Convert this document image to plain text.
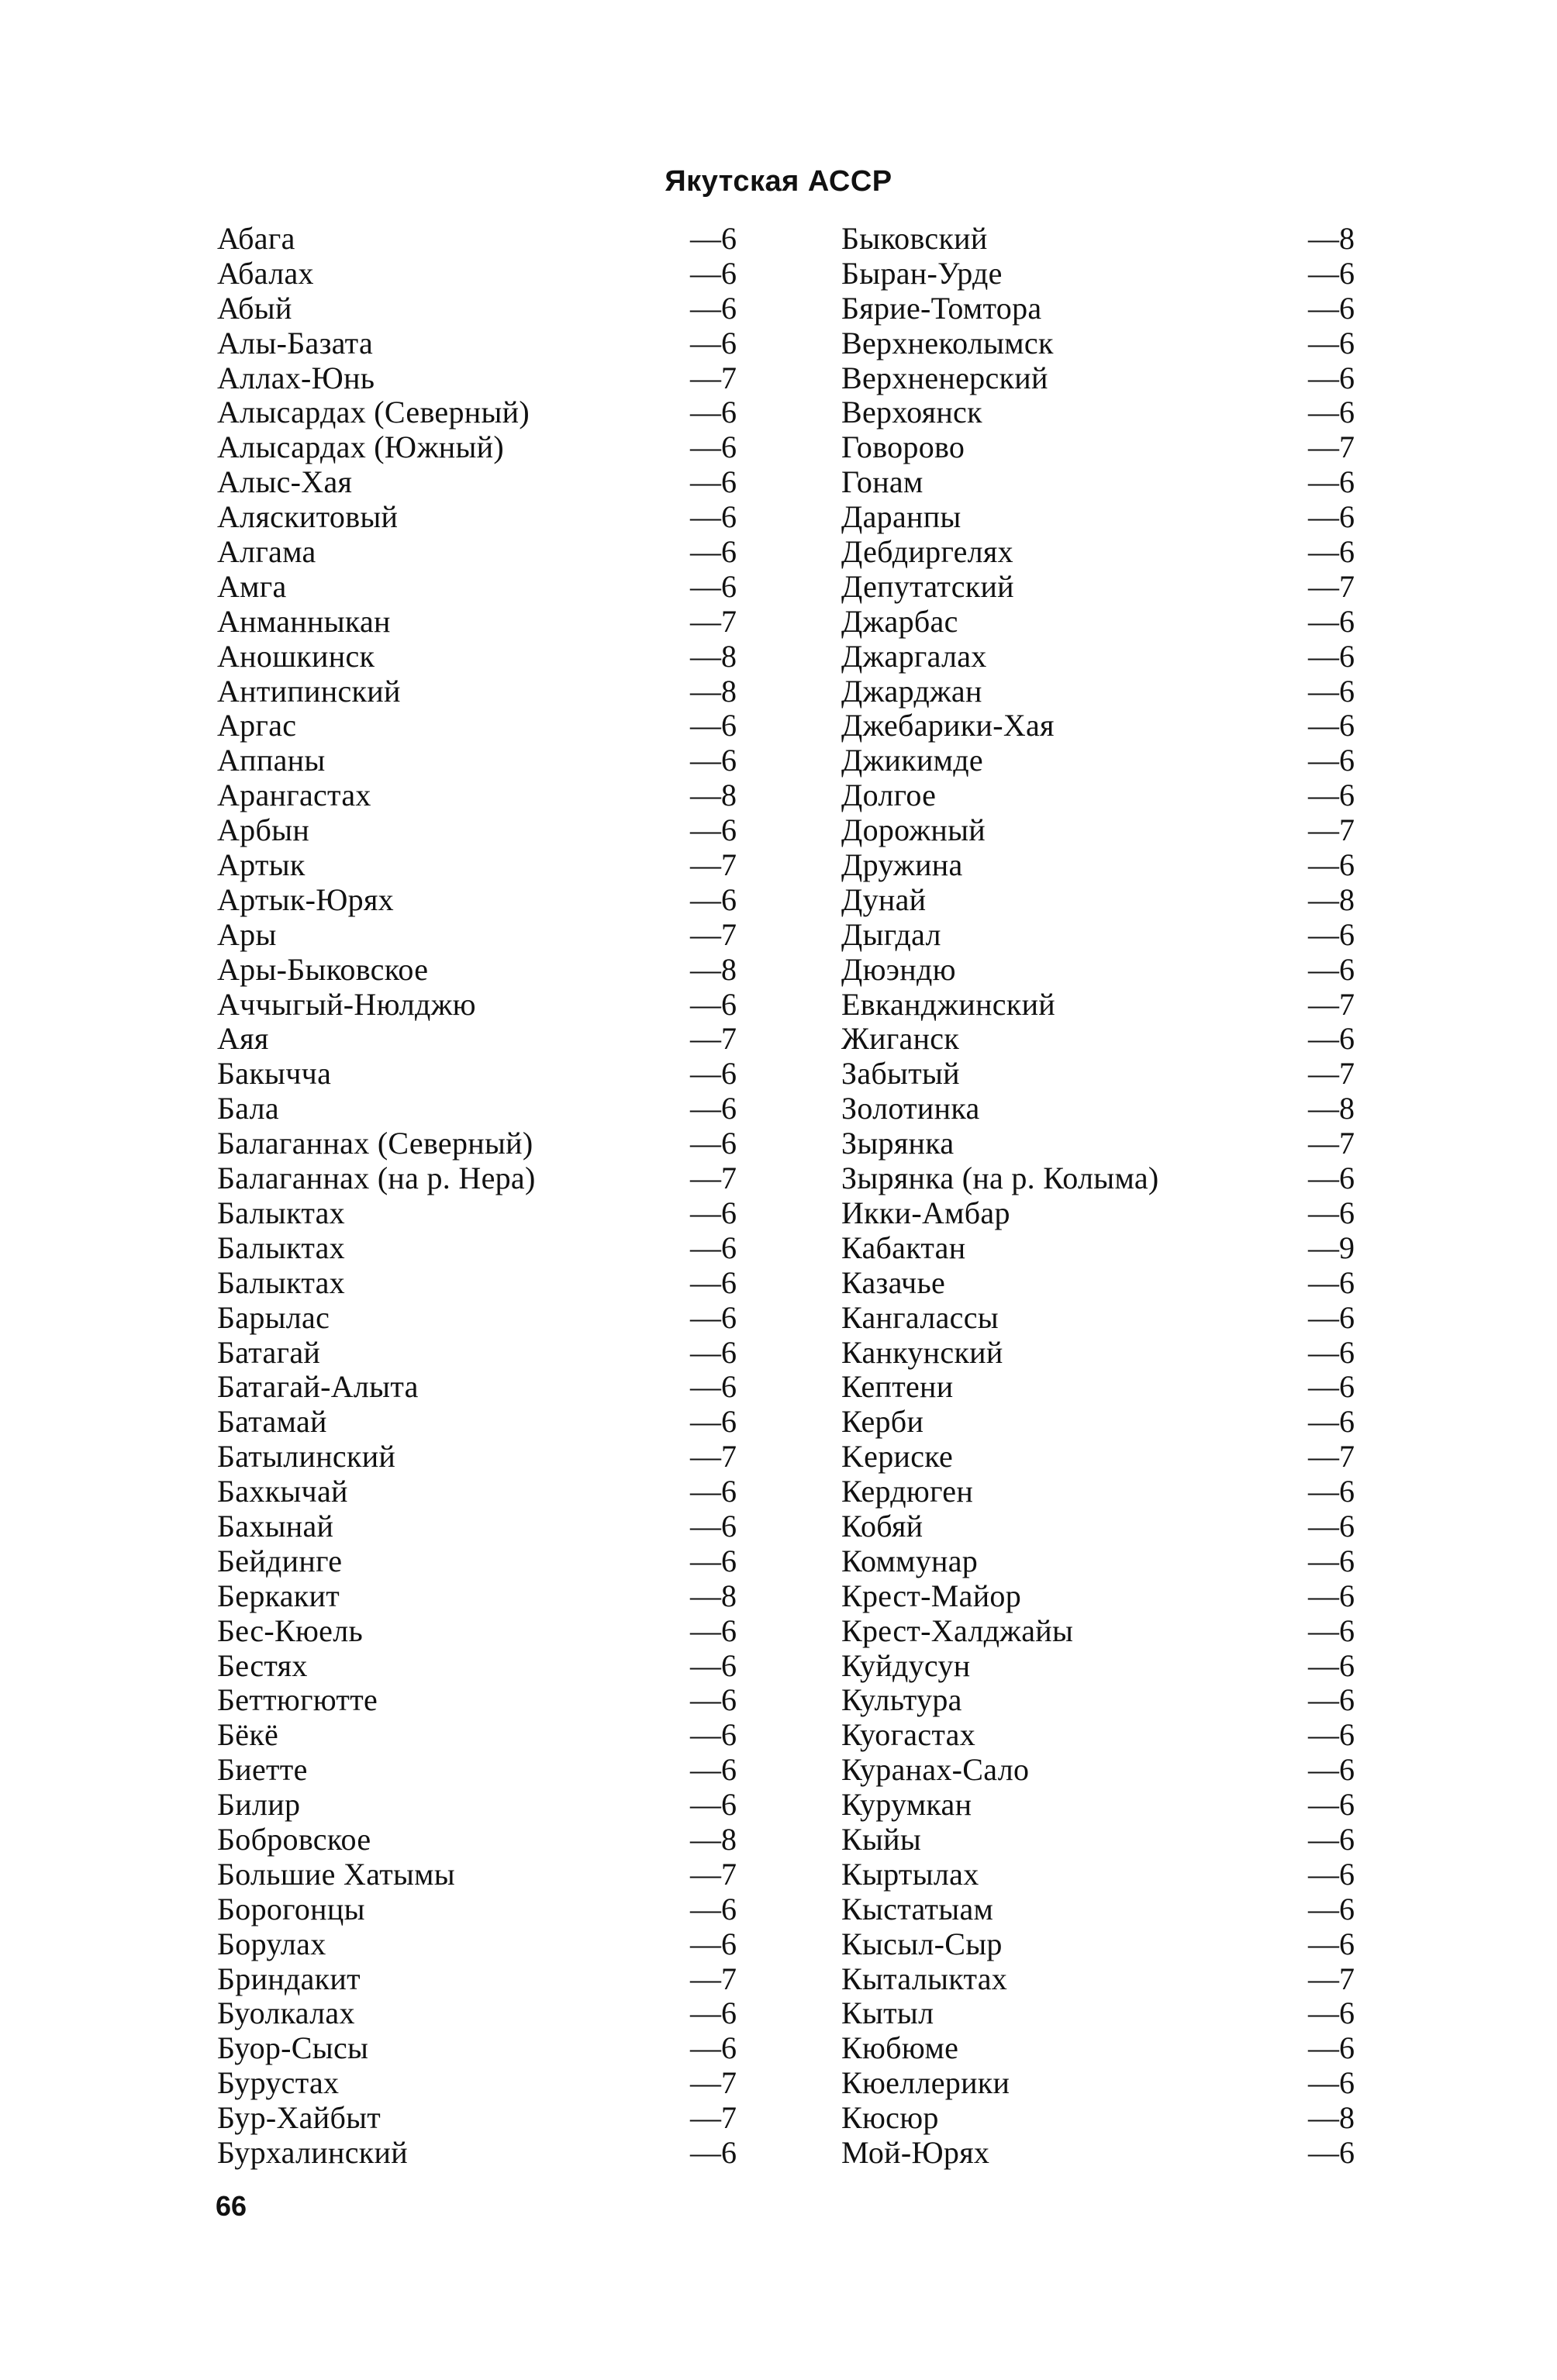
Якутская АССР
Абага	—6
Абалах	—6
Абый	—6
Алы-Базата	—6
Аллах-Юнь	—7
Алысардах (Северный)	—6
Алысардах (Южный)	—6
Алыс-Хая	—6
Аляскитовый	—6
Алгама	—6
Амга	—6
Анманныкан	—7
Аношкинск	—8
Антипинский	—8
Аргас	—6
Аппаны	—6
Арангастах	—8
Арбын	—6
Артык	—7
Артык-Юрях	—6
Ары	—7
Ары-Быковское	—8
Аччыгый-Нюлджю	—6
Аяя	—7
Бакычча	—6
Бала	—6
Балаганнах (Северный)	—6
Балаганнах (на р. Нера)	—7
Балыктах	—6
Балыктах	—6
Балыктах	—6
Барылас	—6
Батагай	—6
Батагай-Алыта	—6
Батамай	—6
Батылинский	—7
Бахкычай	—6
Бахынай	—6
Бейдинге	—6
Беркакит	—8
Бес-Кюель	—6
Бестях	—6
Беттюгютте	—6
Бёкё	—6
Биетте	—6
Билир	—6
Бобровское	—8
Большие Хатымы	—7
Борогонцы	—6
Борулах	—6
Бриндакит	—7
Буолкалах	—6
Буор-Сысы	—6
Бурустах	—7
Бур-Хайбыт	—7
Бурхалинский	—6
Быковский	—8
Быран-Урде	—6
Бярие-Томтора	—6
Верхнеколымск	—6
Верхненерский	—6
Верхоянск	—6
Говорово	—7
Гонам	—6
Даранпы	—6
Дебдиргелях	—6
Депутатский	—7
Джарбас	—6
Джаргалах	—6
Джарджан	—6
Джебарики-Хая	—6
Джикимде	—6
Долгое	—6
Дорожный	—7
Дружина	—6
Дунай	—8
Дыгдал	—6
Дюэндю	—6
Евканджинский	—7
Жиганск	—6
Забытый	—7
Золотинка	—8
Зырянка	—7
Зырянка (на р. Колыма)	—6
Икки-Амбар	—6
Кабактан	—9
Казачье	—6
Кангалассы	—6
Канкунский	—6
Кептени	—6
Керби	—6
Keриске	—7
Кердюген	—6
Кобяй	—6
Коммунар	—6
Крест-Майор	—6
Крест-Халджайы	—6
Куйдусун	—6
Культура	—6
Куогастах	—6
Куранах-Сало	—6
Курумкан	—6
Кыйы	—6
Кыртылах	—6
Кыстатыам	—6
Кысыл-Сыр	—6
Кыталыктах	—7
Кытыл	—6
Кюбюме	—6
Кюеллерики	—6
Кюсюр	—8
Мой-Юрях	—6
66
